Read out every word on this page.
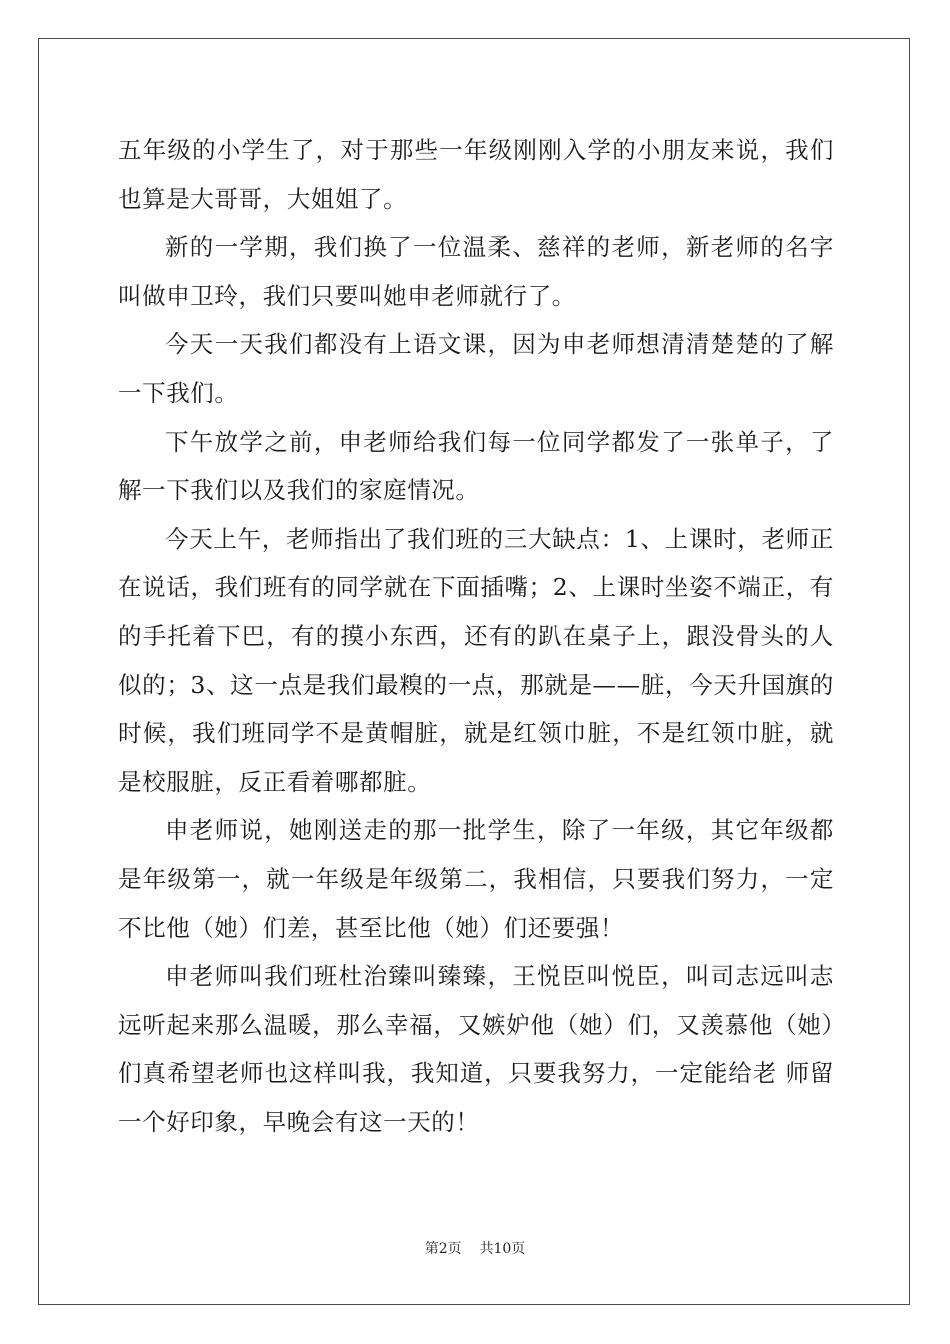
五年级的小学生了，对于那些一年级刚刚入学的小朋友来说，我们也算是大哥哥，大姐姐了。

新的一学期，我们换了一位温柔、慈祥的老师，新老师的名字叫做申卫玲，我们只要叫她申老师就行了。

今天一天我们都没有上语文课，因为申老师想清清楚楚的了解一下我们。

下午放学之前，申老师给我们每一位同学都发了一张单子，了解一下我们以及我们的家庭情况。

今天上午，老师指出了我们班的三大缺点：1、上课时，老师正在说话，我们班有的同学就在下面插嘴；2、上课时坐姿不端正，有的手托着下巴，有的摸小东西，还有的趴在桌子上，跟没骨头的人似的；3、这一点是我们最糗的一点，那就是——脏，今天升国旗的时候，我们班同学不是黄帽脏，就是红领巾脏，不是红领巾脏，就是校服脏，反正看着哪都脏。

申老师说，她刚送走的那一批学生，除了一年级，其它年级都是年级第一，就一年级是年级第二，我相信，只要我们努力，一定不比他（她）们差，甚至比他（她）们还要强！

申老师叫我们班杜治臻叫臻臻，王悦臣叫悦臣，叫司志远叫志远听起来那么温暖，那么幸福，又嫉妒他（她）们，又羡慕他（她）们真希望老师也这样叫我，我知道，只要我努力，一定能给老 师留一个好印象，早晚会有这一天的！

第2页 共10页
